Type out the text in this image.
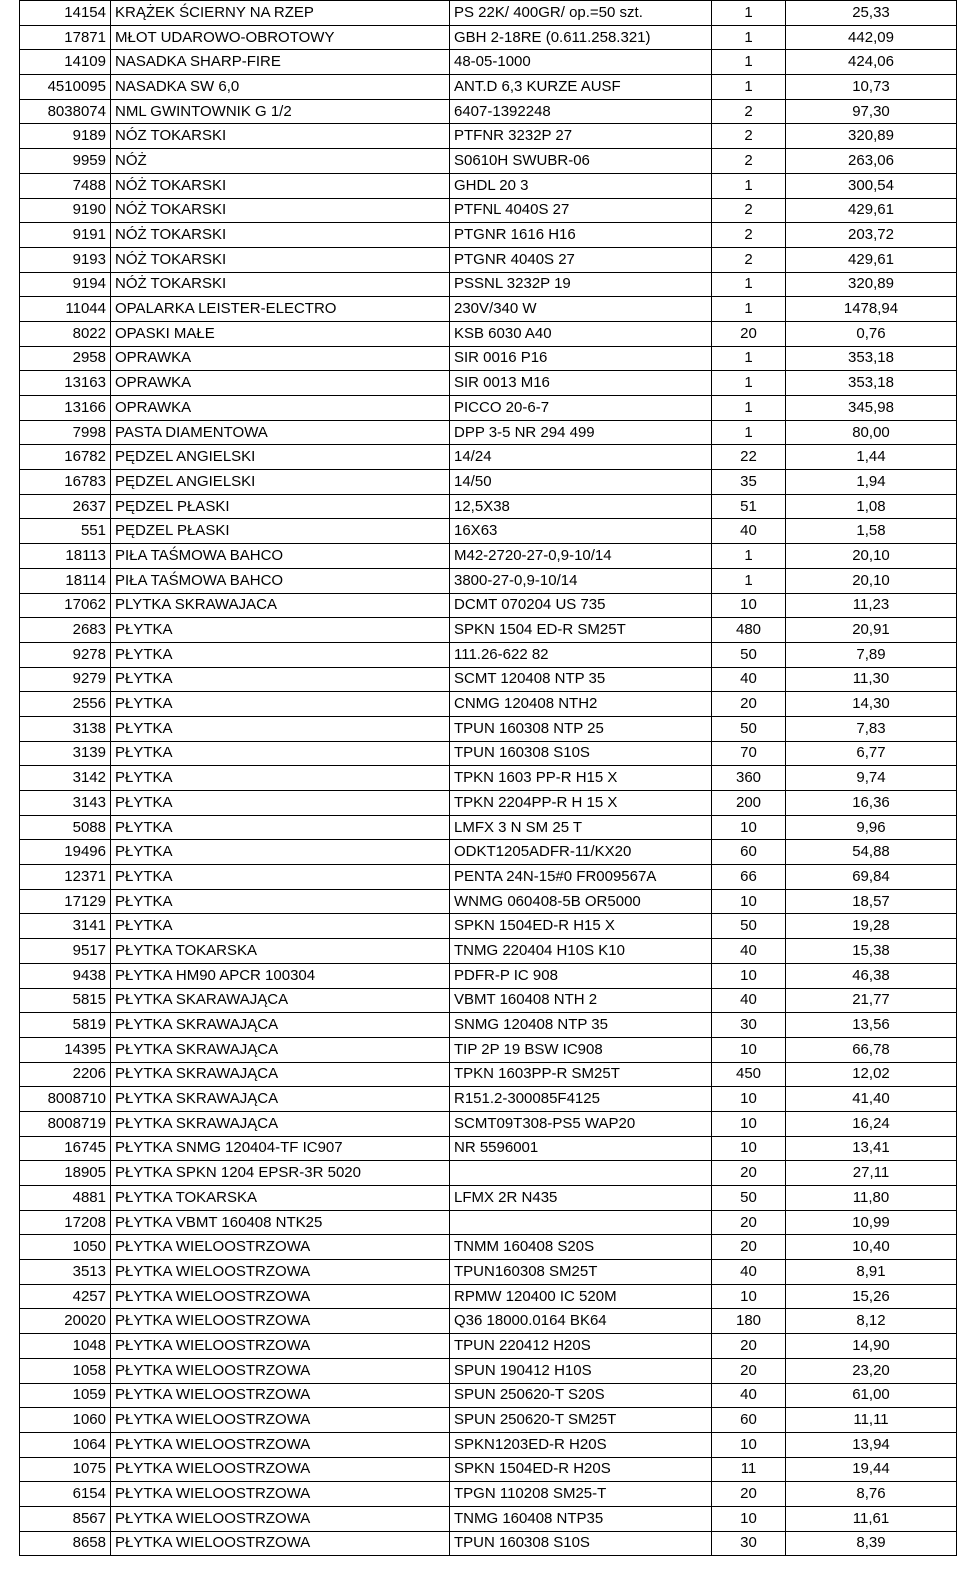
14154	KRĄŻEK ŚCIERNY NA RZEP	PS 22K/ 400GR/ op.=50 szt.	1	25,33
17871	MŁOT UDAROWO-OBROTOWY	GBH 2-18RE (0.611.258.321)	1	442,09
14109	NASADKA SHARP-FIRE	48-05-1000	1	424,06
4510095	NASADKA SW 6,0	ANT.D 6,3 KURZE AUSF	1	10,73
8038074	NML GWINTOWNIK G 1/2	6407-1392248	2	97,30
9189	NÓZ TOKARSKI	PTFNR 3232P 27	2	320,89
9959	NÓŻ	S0610H SWUBR-06	2	263,06
7488	NÓŻ TOKARSKI	GHDL 20 3	1	300,54
9190	NÓŻ TOKARSKI	PTFNL 4040S 27	2	429,61
9191	NÓŻ TOKARSKI	PTGNR 1616 H16	2	203,72
9193	NÓŻ TOKARSKI	PTGNR 4040S 27	2	429,61
9194	NÓŻ TOKARSKI	PSSNL 3232P 19	1	320,89
11044	OPALARKA LEISTER-ELECTRO	230V/340 W	1	1478,94
8022	OPASKI MAŁE	KSB 6030 A40	20	0,76
2958	OPRAWKA	SIR 0016 P16	1	353,18
13163	OPRAWKA	SIR 0013 M16	1	353,18
13166	OPRAWKA	PICCO 20-6-7	1	345,98
7998	PASTA DIAMENTOWA	DPP 3-5 NR 294 499	1	80,00
16782	PĘDZEL ANGIELSKI	14/24	22	1,44
16783	PĘDZEL ANGIELSKI	14/50	35	1,94
2637	PĘDZEL PŁASKI	12,5X38	51	1,08
551	PĘDZEL PŁASKI	16X63	40	1,58
18113	PIŁA TAŚMOWA BAHCO	M42-2720-27-0,9-10/14	1	20,10
18114	PIŁA TAŚMOWA BAHCO	3800-27-0,9-10/14	1	20,10
17062	PLYTKA SKRAWAJACA	DCMT 070204 US 735	10	11,23
2683	PŁYTKA	SPKN 1504 ED-R SM25T	480	20,91
9278	PŁYTKA	111.26-622 82	50	7,89
9279	PŁYTKA	SCMT 120408 NTP 35	40	11,30
2556	PŁYTKA	CNMG 120408 NTH2	20	14,30
3138	PŁYTKA	TPUN 160308 NTP 25	50	7,83
3139	PŁYTKA	TPUN 160308 S10S	70	6,77
3142	PŁYTKA	TPKN 1603 PP-R H15 X	360	9,74
3143	PŁYTKA	TPKN 2204PP-R H 15 X	200	16,36
5088	PŁYTKA	LMFX 3 N SM 25 T	10	9,96
19496	PŁYTKA	ODKT1205ADFR-11/KX20	60	54,88
12371	PŁYTKA	PENTA 24N-15#0 FR009567A	66	69,84
17129	PŁYTKA	WNMG 060408-5B OR5000	10	18,57
3141	PŁYTKA	SPKN 1504ED-R H15 X	50	19,28
9517	PŁYTKA TOKARSKA	TNMG 220404 H10S K10	40	15,38
9438	PŁYTKA HM90 APCR 100304	PDFR-P IC 908	10	46,38
5815	PŁYTKA SKARAWAJĄCA	VBMT 160408 NTH 2	40	21,77
5819	PŁYTKA SKRAWAJĄCA	SNMG 120408 NTP 35	30	13,56
14395	PŁYTKA SKRAWAJĄCA	TIP 2P 19 BSW IC908	10	66,78
2206	PŁYTKA SKRAWAJĄCA	TPKN 1603PP-R SM25T	450	12,02
8008710	PŁYTKA SKRAWAJĄCA	R151.2-300085F4125	10	41,40
8008719	PŁYTKA SKRAWAJĄCA	SCMT09T308-PS5 WAP20	10	16,24
16745	PŁYTKA SNMG 120404-TF IC907	NR 5596001	10	13,41
18905	PŁYTKA SPKN 1204 EPSR-3R 5020		20	27,11
4881	PŁYTKA TOKARSKA	LFMX 2R N435	50	11,80
17208	PŁYTKA VBMT 160408 NTK25		20	10,99
1050	PŁYTKA WIELOOSTRZOWA	TNMM 160408 S20S	20	10,40
3513	PŁYTKA WIELOOSTRZOWA	TPUN160308 SM25T	40	8,91
4257	PŁYTKA WIELOOSTRZOWA	RPMW 120400 IC 520M	10	15,26
20020	PŁYTKA WIELOOSTRZOWA	Q36 18000.0164 BK64	180	8,12
1048	PŁYTKA WIELOOSTRZOWA	TPUN 220412 H20S	20	14,90
1058	PŁYTKA WIELOOSTRZOWA	SPUN 190412 H10S	20	23,20
1059	PŁYTKA WIELOOSTRZOWA	SPUN 250620-T S20S	40	61,00
1060	PŁYTKA WIELOOSTRZOWA	SPUN 250620-T SM25T	60	11,11
1064	PŁYTKA WIELOOSTRZOWA	SPKN1203ED-R H20S	10	13,94
1075	PŁYTKA WIELOOSTRZOWA	SPKN 1504ED-R H20S	11	19,44
6154	PŁYTKA WIELOOSTRZOWA	TPGN 110208 SM25-T	20	8,76
8567	PŁYTKA WIELOOSTRZOWA	TNMG 160408 NTP35	10	11,61
8658	PŁYTKA WIELOOSTRZOWA	TPUN 160308 S10S	30	8,39
